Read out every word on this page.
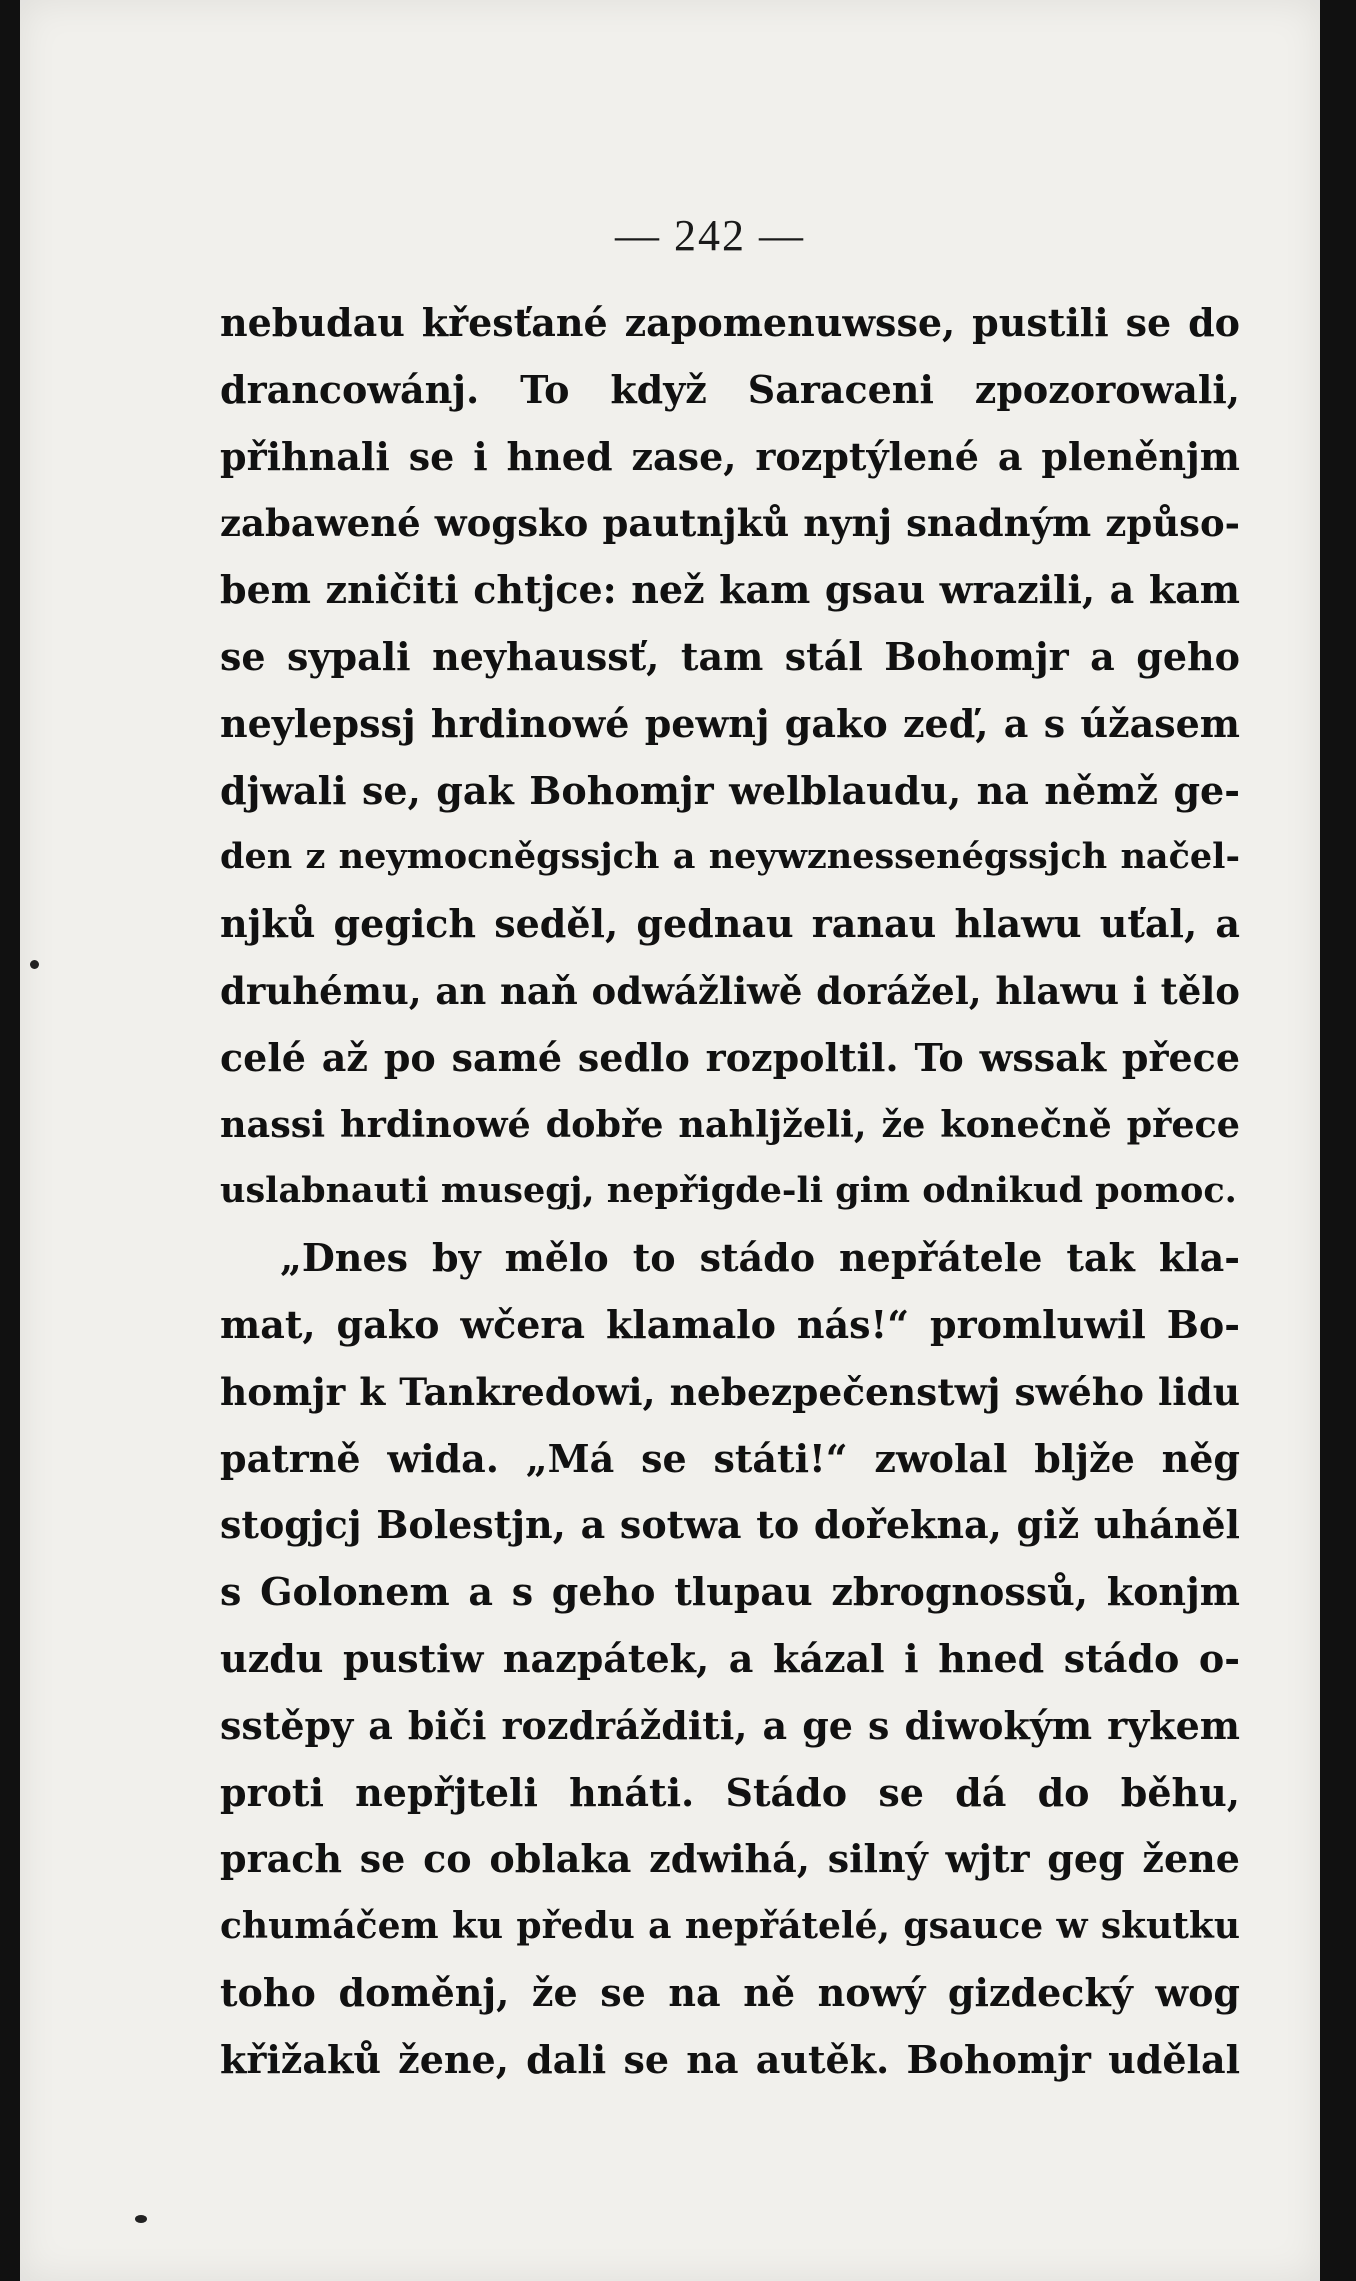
— 242 —
nebudau křesťané zapomenuwsse, pustili se do
drancowánj. To když Saraceni zpozorowali,
přihnali se i hned zase, rozptýlené a pleněnjm
zabawené wogsko pautnjků nynj snadným způso-
bem zničiti chtjce: než kam gsau wrazili, a kam
se sypali neyhaussť, tam stál Bohomjr a geho
neylepssj hrdinowé pewnj gako zeď, a s úžasem
djwali se, gak Bohomjr welblaudu, na němž ge-
den z neymocněgssjch a neywznessenégssjch načel-
njků gegich seděl, gednau ranau hlawu uťal, a
druhému, an naň odwážliwě dorážel, hlawu i tělo
celé až po samé sedlo rozpoltil. To wssak přece
nassi hrdinowé dobře nahljželi, že konečně přece
uslabnauti musegj, nepřigde-li gim odnikud pomoc.
„Dnes by mělo to stádo nepřátele tak kla-
mat, gako wčera klamalo nás!“ promluwil Bo-
homjr k Tankredowi, nebezpečenstwj swého lidu
patrně wida. „Má se státi!“ zwolal bljže něg
stogjcj Bolestjn, a sotwa to dořekna, giž uháněl
s Golonem a s geho tlupau zbrognossů, konjm
uzdu pustiw nazpátek, a kázal i hned stádo o-
sstěpy a biči rozdrážditi, a ge s diwokým rykem
proti nepřjteli hnáti. Stádo se dá do běhu,
prach se co oblaka zdwihá, silný wjtr geg žene
chumáčem ku předu a nepřátelé, gsauce w skutku
toho doměnj, že se na ně nowý gizdecký wog
křižaků žene, dali se na autěk. Bohomjr udělal
